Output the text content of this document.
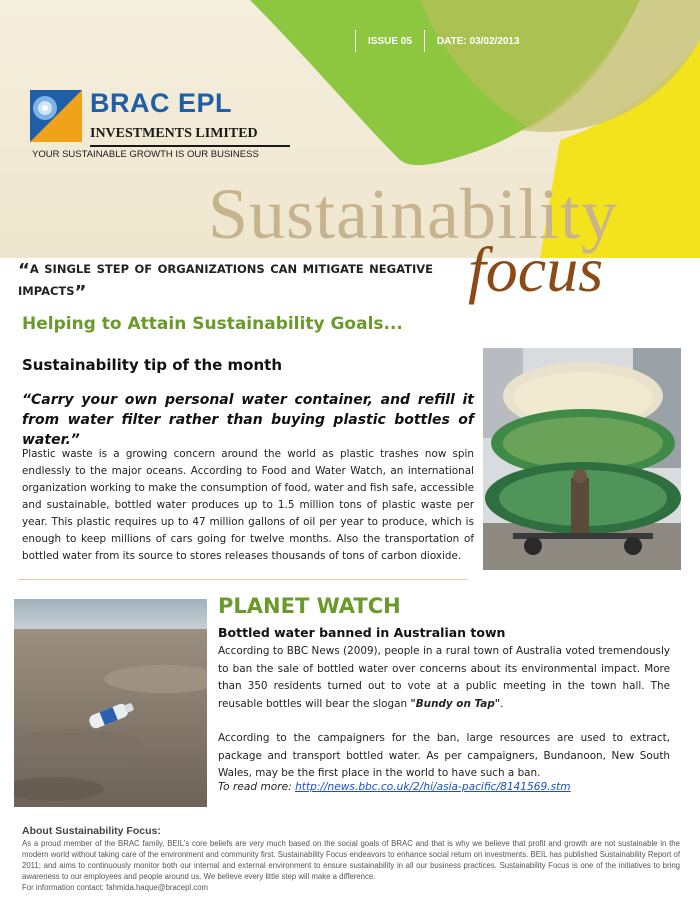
ISSUE 05	DATE: 03/02/2013
BRAC EPL
INVESTMENTS LIMITED
YOUR SUSTAINABLE GROWTH IS OUR BUSINESS
Sustainability
focus
“A SINGLE STEP OF ORGANIZATIONS CAN MITIGATE NEGATIVE IMPACTS”
Helping to Attain Sustainability Goals...
Sustainability tip of the month
“Carry your own personal water container, and refill it from water filter rather than buying plastic bottles of water.”
Plastic waste is a growing concern around the world as plastic trashes now spin endlessly to the major oceans. According to Food and Water Watch, an international organization working to make the consumption of food, water and fish safe, accessible and sustainable, bottled water produces up to 1.5 million tons of plastic waste per year. This plastic requires up to 47 million gallons of oil per year to produce, which is enough to keep millions of cars going for twelve months. Also the transportation of bottled water from its source to stores releases thousands of tons of carbon dioxide.
PLANET WATCH
Bottled water banned in Australian town

According to BBC News (2009), people in a rural town of Australia voted tremendously to ban the sale of bottled water over concerns about its environmental impact. More than 350 residents turned out to vote at a public meeting in the town hall. The reusable bottles will bear the slogan "Bundy on Tap".

According to the campaigners for the ban, large resources are used to extract, package and transport bottled water. As per campaigners, Bundanoon, New South Wales, may be the first place in the world to have such a ban.

To read more: http://news.bbc.co.uk/2/hi/asia-pacific/8141569.stm
About Sustainability Focus:
As a proud member of the BRAC family, BEIL’s core beliefs are very much based on the social goals of BRAC and that is why we believe that profit and growth are not sustainable in the modern world without taking care of the environment and community first. Sustainability Focus endeavors to enhance social return on investments. BEIL has published Sustainability Report of 2011; and aims to continuously monitor both our internal and external environment to ensure sustainability in all our business practices. Sustainability Focus is one of the initiatives to bring awareness to our employees and people around us. We believe every little step will make a difference.
For information contact: fahmida.haque@bracepl.com
